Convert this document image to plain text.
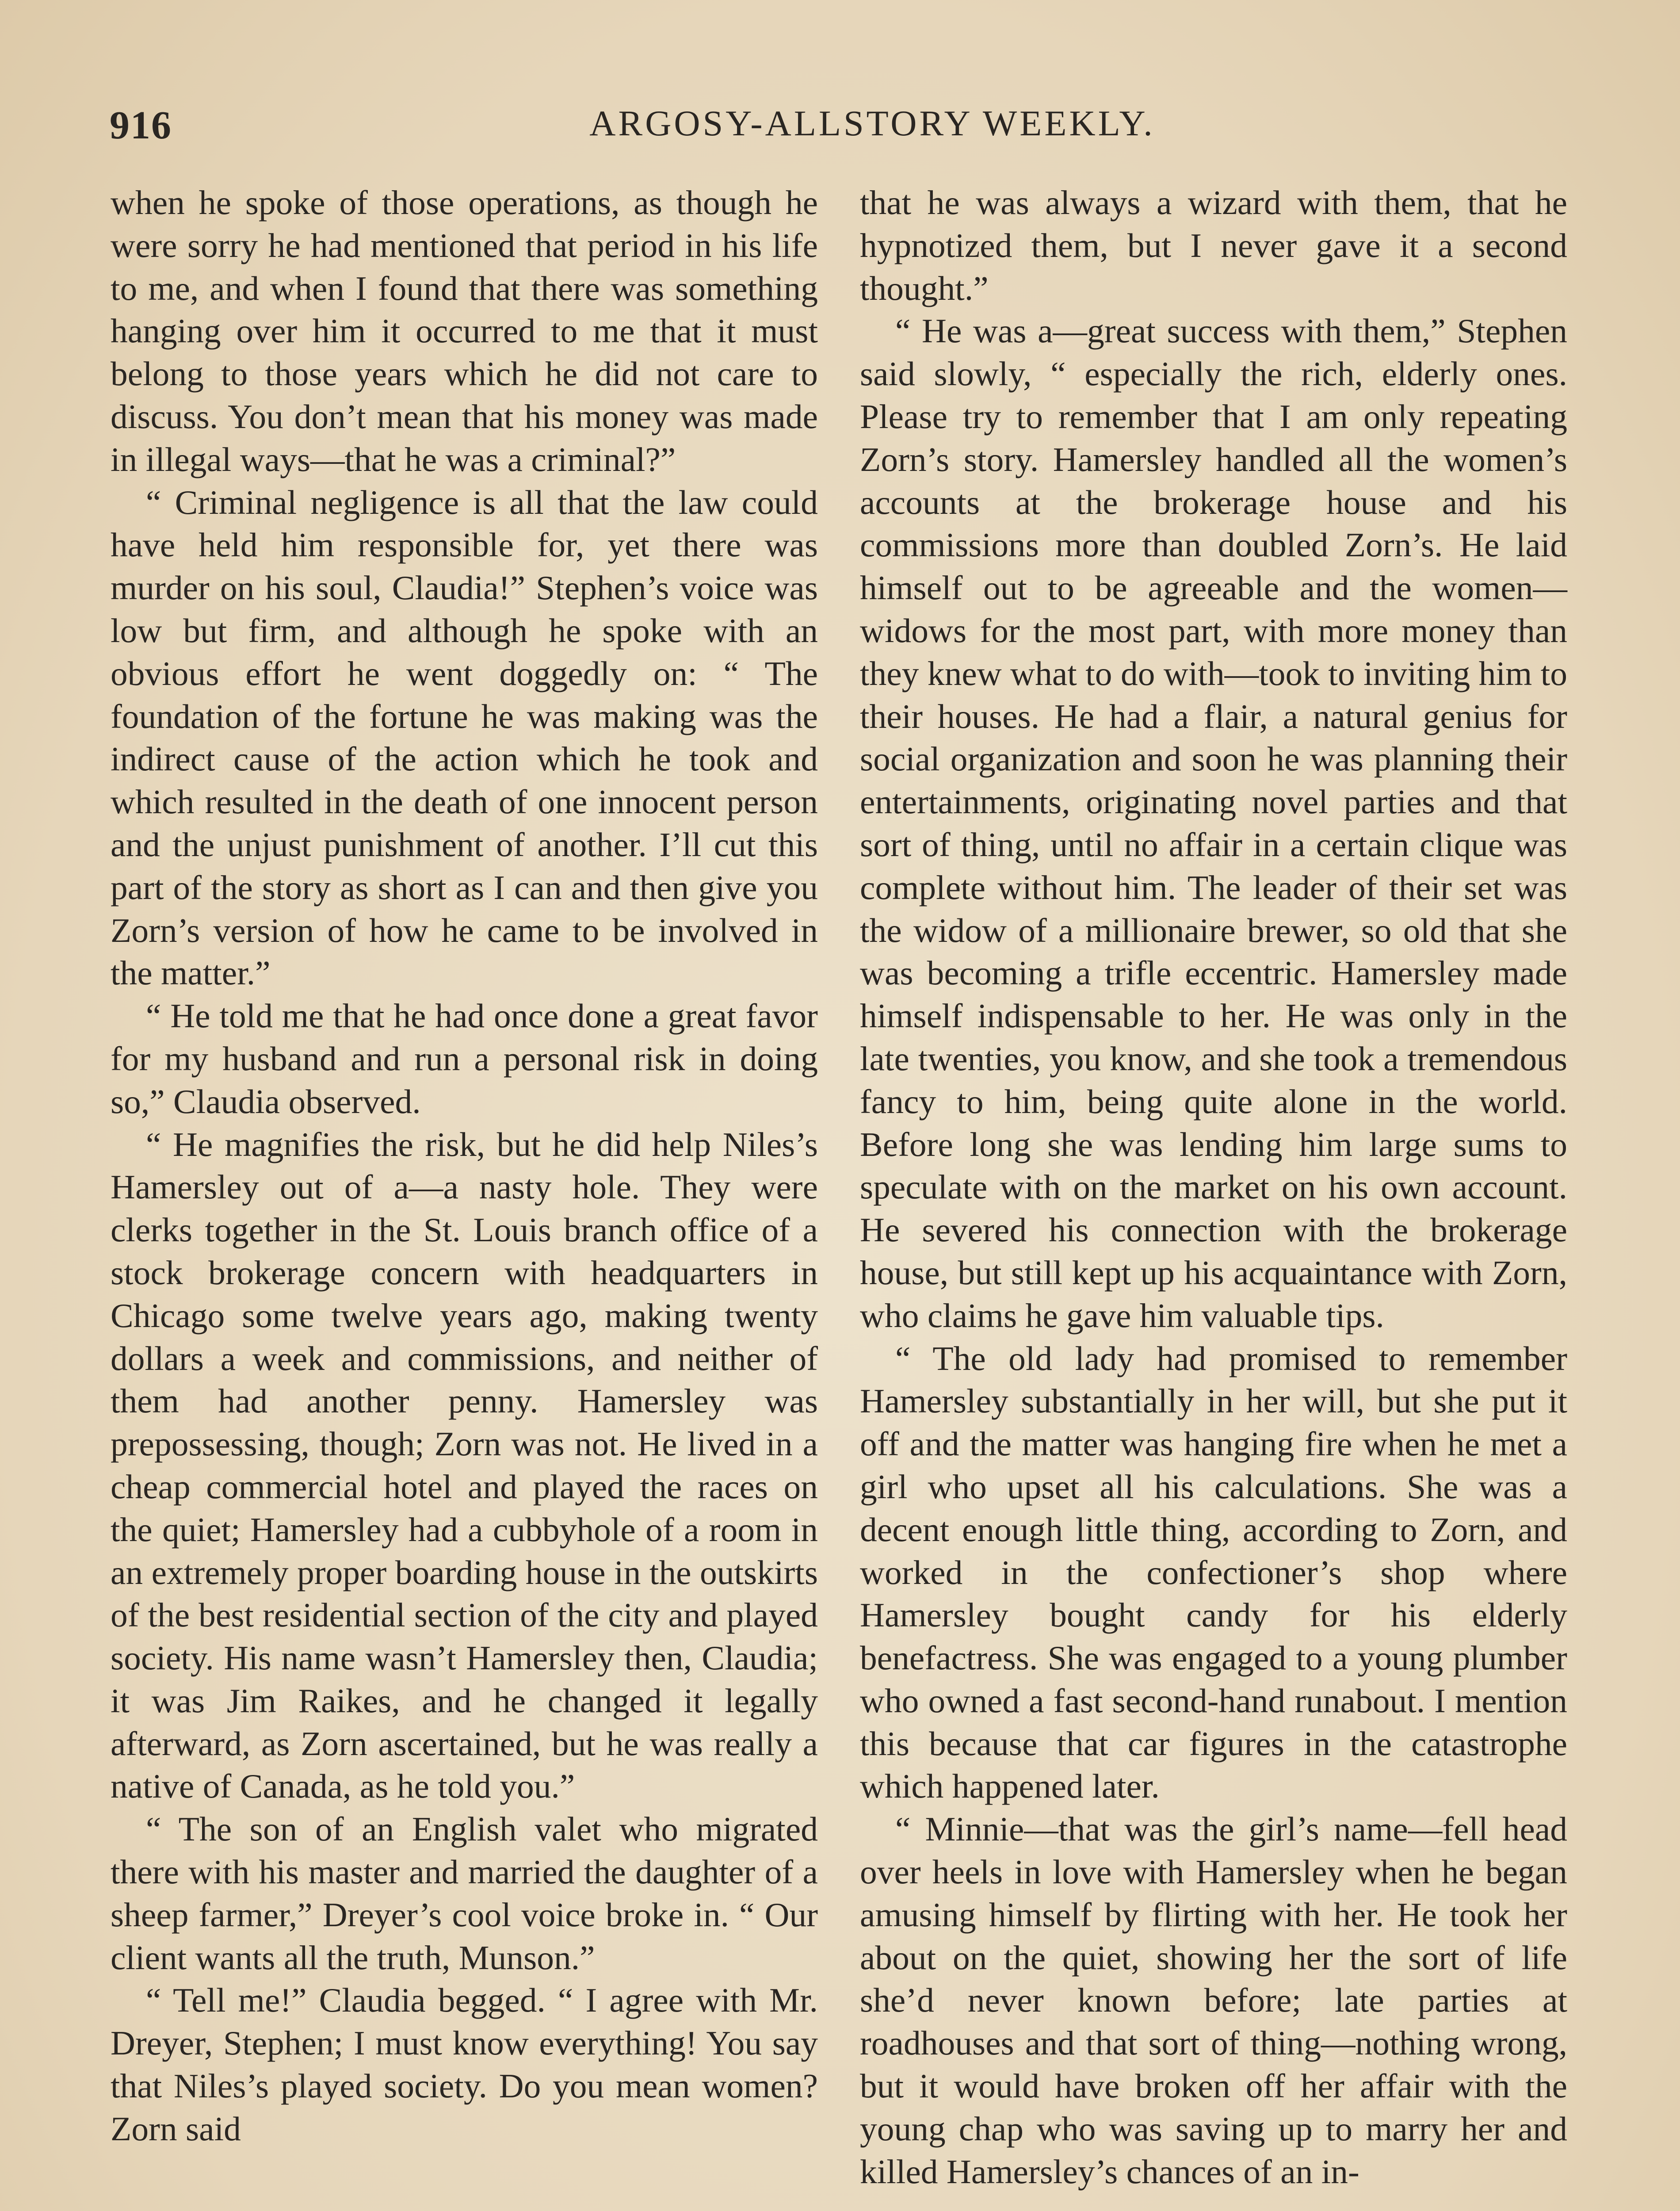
916	ARGOSY-ALLSTORY WEEKLY.

when he spoke of those operations, as though he were sorry he had mentioned that period in his life to me, and when I found that there was something hanging over him it occurred to me that it must belong to those years which he did not care to discuss. You don’t mean that his money was made in illegal ways—that he was a criminal?”

“ Criminal negligence is all that the law could have held him responsible for, yet there was murder on his soul, Claudia!” Stephen’s voice was low but firm, and although he spoke with an obvious effort he went doggedly on: “ The foundation of the fortune he was making was the indirect cause of the action which he took and which resulted in the death of one innocent person and the unjust punishment of another. I’ll cut this part of the story as short as I can and then give you Zorn’s version of how he came to be involved in the matter.”

“ He told me that he had once done a great favor for my husband and run a personal risk in doing so,” Claudia observed.

“ He magnifies the risk, but he did help Niles’s Hamersley out of a—a nasty hole. They were clerks together in the St. Louis branch office of a stock brokerage concern with headquarters in Chicago some twelve years ago, making twenty dollars a week and commissions, and neither of them had another penny. Hamersley was prepossessing, though; Zorn was not. He lived in a cheap commercial hotel and played the races on the quiet; Hamersley had a cubbyhole of a room in an extremely proper boarding house in the outskirts of the best residential section of the city and played society. His name wasn’t Hamersley then, Claudia; it was Jim Raikes, and he changed it legally afterward, as Zorn ascertained, but he was really a native of Canada, as he told you.”

“ The son of an English valet who migrated there with his master and married the daughter of a sheep farmer,” Dreyer’s cool voice broke in. “ Our client wants all the truth, Munson.”

“ Tell me!” Claudia begged. “ I agree with Mr. Dreyer, Stephen; I must know everything! You say that Niles’s played society. Do you mean women? Zorn said

that he was always a wizard with them, that he hypnotized them, but I never gave it a second thought.”

“ He was a—great success with them,” Stephen said slowly, “ especially the rich, elderly ones. Please try to remember that I am only repeating Zorn’s story. Hamersley handled all the women’s accounts at the brokerage house and his commissions more than doubled Zorn’s. He laid himself out to be agreeable and the women—widows for the most part, with more money than they knew what to do with—took to inviting him to their houses. He had a flair, a natural genius for social organization and soon he was planning their entertainments, originating novel parties and that sort of thing, until no affair in a certain clique was complete without him. The leader of their set was the widow of a millionaire brewer, so old that she was becoming a trifle eccentric. Hamersley made himself indispensable to her. He was only in the late twenties, you know, and she took a tremendous fancy to him, being quite alone in the world. Before long she was lending him large sums to speculate with on the market on his own account. He severed his connection with the brokerage house, but still kept up his acquaintance with Zorn, who claims he gave him valuable tips.

“ The old lady had promised to remember Hamersley substantially in her will, but she put it off and the matter was hanging fire when he met a girl who upset all his calculations. She was a decent enough little thing, according to Zorn, and worked in the confectioner’s shop where Hamersley bought candy for his elderly benefactress. She was engaged to a young plumber who owned a fast second-hand runabout. I mention this because that car figures in the catastrophe which happened later.

“ Minnie—that was the girl’s name—fell head over heels in love with Hamersley when he began amusing himself by flirting with her. He took her about on the quiet, showing her the sort of life she’d never known before; late parties at roadhouses and that sort of thing—nothing wrong, but it would have broken off her affair with the young chap who was saving up to marry her and killed Hamersley’s chances of an in-
